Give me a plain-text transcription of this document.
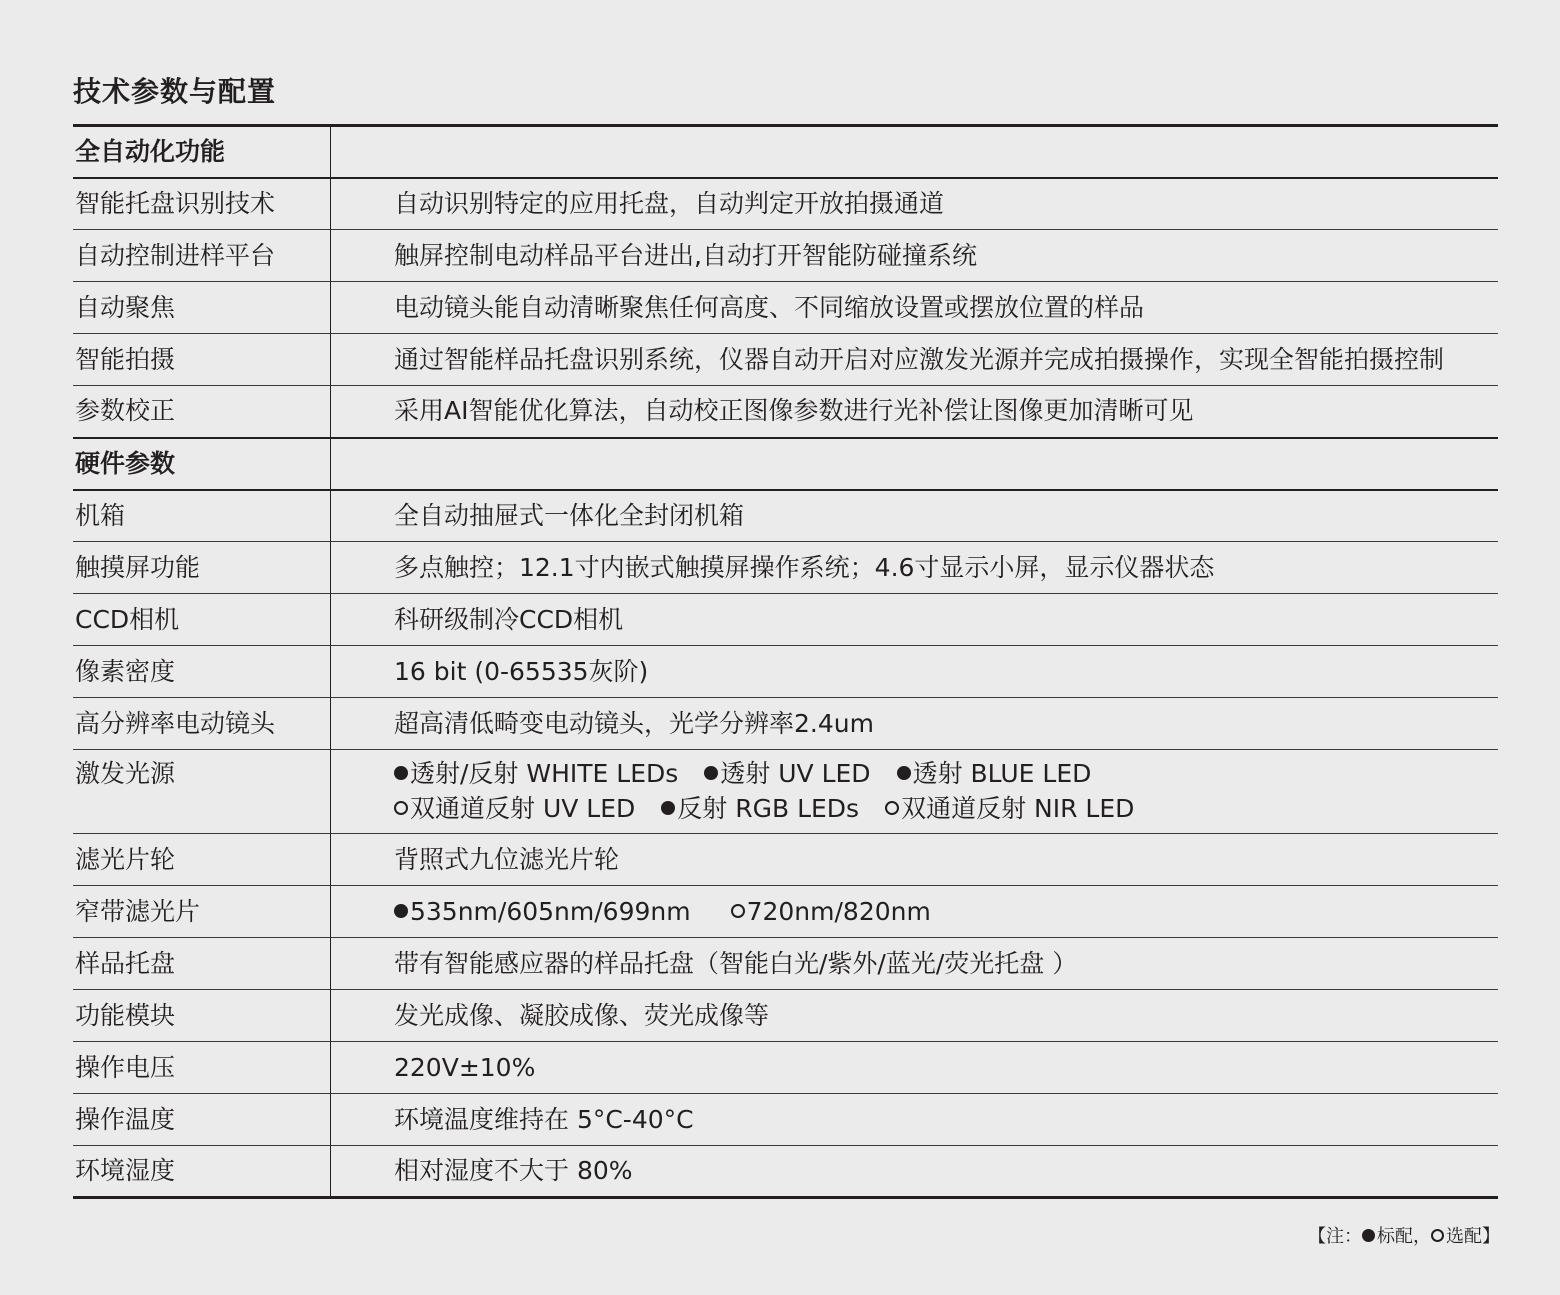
技术参数与配置
全自动化功能	
智能托盘识别技术	自动识别特定的应用托盘，自动判定开放拍摄通道
自动控制进样平台	触屏控制电动样品平台进出,自动打开智能防碰撞系统
自动聚焦	电动镜头能自动清晰聚焦任何高度、不同缩放设置或摆放位置的样品
智能拍摄	通过智能样品托盘识别系统，仪器自动开启对应激发光源并完成拍摄操作，实现全智能拍摄控制
参数校正	采用AI智能优化算法，自动校正图像参数进行光补偿让图像更加清晰可见
硬件参数	
机箱	全自动抽屉式一体化全封闭机箱
触摸屏功能	多点触控；12.1寸内嵌式触摸屏操作系统；4.6寸显示小屏，显示仪器状态
CCD相机	科研级制冷CCD相机
像素密度	16 bit (0-65535灰阶)
高分辨率电动镜头	超高清低畸变电动镜头，光学分辨率2.4um
激发光源	透射/反射 WHITE LEDs 透射 UV LED 透射 BLUE LED
双通道反射 UV LED 反射 RGB LEDs 双通道反射 NIR LED

滤光片轮	背照式九位滤光片轮
窄带滤光片	535nm/605nm/699nm 720nm/820nm
样品托盘	带有智能感应器的样品托盘（智能白光/紫外/蓝光/荧光托盘 ）
功能模块	发光成像、凝胶成像、荧光成像等
操作电压	220V±10%
操作温度	环境温度维持在 5°C-40°C
环境湿度	相对湿度不大于 80%
【注： 标配， 选配】
